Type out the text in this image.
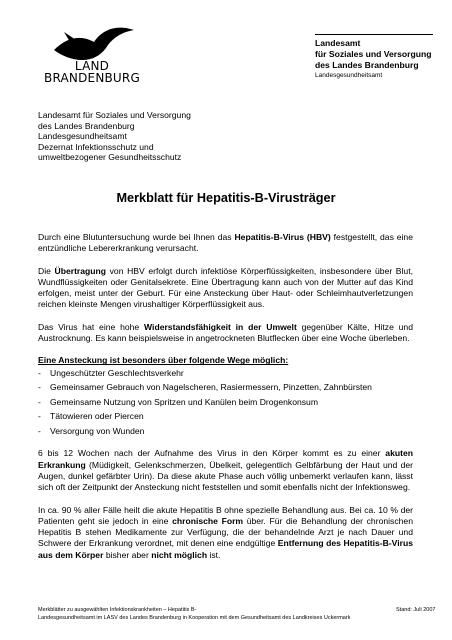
LAND
BRANDENBURG
Landesamt
für Soziales und Versorgung
des Landes Brandenburg
Landesgesundheitsamt
Landesamt für Soziales und Versorgung
des Landes Brandenburg
Landesgesundheitsamt
Dezernat Infektionsschutz und
umweltbezogener Gesundheitsschutz
Merkblatt für Hepatitis-B-Virusträger

Durch eine Blutuntersuchung wurde bei Ihnen das Hepatitis-B-Virus (HBV) festgestellt, das eine entzündliche Lebererkrankung verursacht.

Die Übertragung von HBV erfolgt durch infektiöse Körperflüssigkeiten, insbesondere über Blut, Wundflüssigkeiten oder Genitalsekrete. Eine Übertragung kann auch von der Mutter auf das Kind erfolgen, meist unter der Geburt. Für eine Ansteckung über Haut- oder Schleimhautverletzungen reichen kleinste Mengen virushaltiger Körperflüssigkeit aus.

Das Virus hat eine hohe Widerstandsfähigkeit in der Umwelt gegenüber Kälte, Hitze und Austrocknung. Es kann beispielsweise in angetrockneten Blutflecken über eine Woche überleben.

Eine Ansteckung ist besonders über folgende Wege möglich:
- Ungeschützter Geschlechtsverkehr
- Gemeinsamer Gebrauch von Nagelscheren, Rasiermessern, Pinzetten, Zahnbürsten
- Gemeinsame Nutzung von Spritzen und Kanülen beim Drogenkonsum
- Tätowieren oder Piercen
- Versorgung von Wunden

6 bis 12 Wochen nach der Aufnahme des Virus in den Körper kommt es zu einer akuten Erkrankung (Müdigkeit, Gelenkschmerzen, Übelkeit, gelegentlich Gelbfärbung der Haut und der Augen, dunkel gefärbter Urin). Da diese akute Phase auch völlig unbemerkt verlaufen kann, lässt sich oft der Zeitpunkt der Ansteckung nicht feststellen und somit ebenfalls nicht der Infektionsweg.

In ca. 90 % aller Fälle heilt die akute Hepatitis B ohne spezielle Behandlung aus. Bei ca. 10 % der Patienten geht sie jedoch in eine chronische Form über. Für die Behandlung der chronischen Hepatitis B stehen Medikamente zur Verfügung, die der behandelnde Arzt je nach Dauer und Schwere der Erkrankung verordnet, mit denen eine endgültige Entfernung des Hepatitis-B-Virus aus dem Körper bisher aber nicht möglich ist.

Merkblätter zu ausgewählten Infektionskrankheiten – Hepatitis B-
Landesgesundheitsamt im LASV des Landes Brandenburg in Kooperation mit dem Gesundheitsamt des Landkreises Uckermark
Stand: Juli 2007
